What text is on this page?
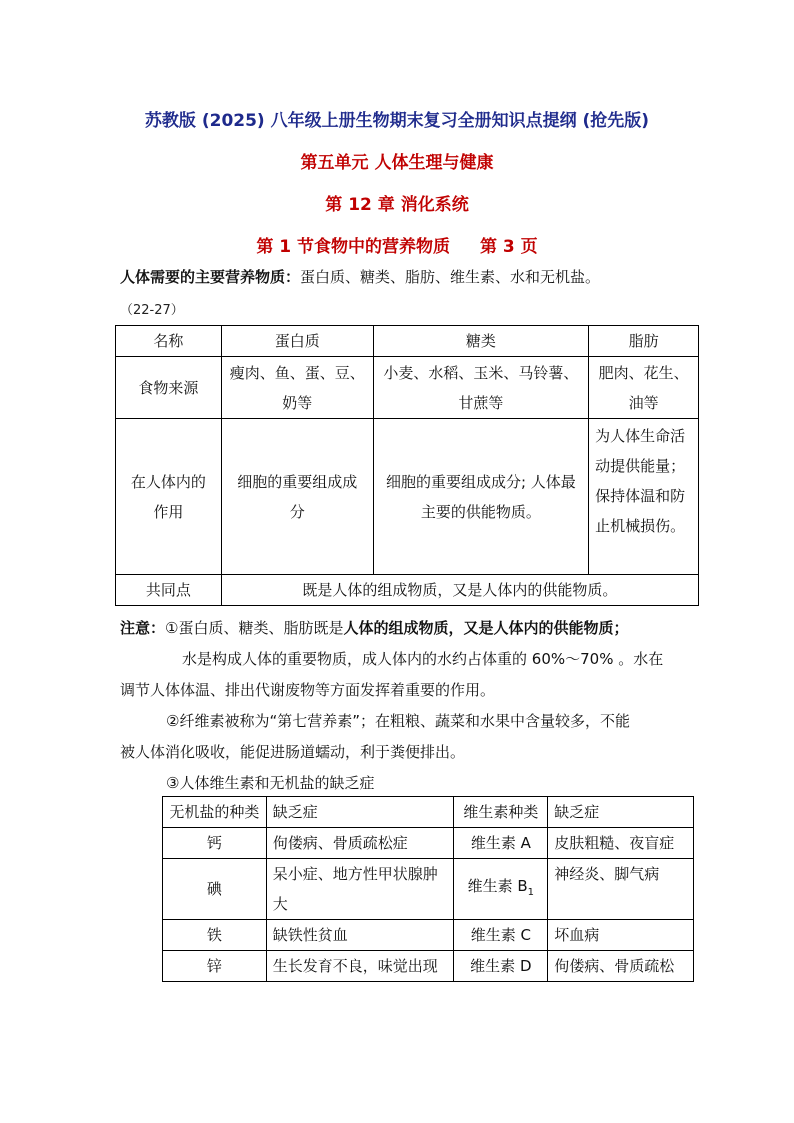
苏教版 (2025) 八年级上册生物期末复习全册知识点提纲 (抢先版)
第五单元 人体生理与健康
第 12 章 消化系统
第 1 节食物中的营养物质 第 3 页
人体需要的主要营养物质：蛋白质、糖类、脂肪、维生素、水和无机盐。
（22-27）
名称	蛋白质	糖类	脂肪
食物来源	瘦肉、鱼、蛋、豆、奶等	小麦、水稻、玉米、马铃薯、甘蔗等	肥肉、花生、油等
在人体内的作用	细胞的重要组成成分	细胞的重要组成成分; 人体最主要的供能物质。	为人体生命活动提供能量；保持体温和防止机械损伤。
共同点	既是人体的组成物质，又是人体内的供能物质。		

注意：①蛋白质、糖类、脂肪既是人体的组成物质，又是人体内的供能物质；

水是构成人体的重要物质，成人体内的水约占体重的 60%～70% 。水在

调节人体体温、排出代谢废物等方面发挥着重要的作用。

②纤维素被称为“第七营养素”；在粗粮、蔬菜和水果中含量较多，不能

被人体消化吸收，能促进肠道蠕动，利于粪便排出。

③人体维生素和无机盐的缺乏症

无机盐的种类	缺乏症	维生素种类	缺乏症
钙	佝偻病、骨质疏松症	维生素 A	皮肤粗糙、夜盲症
碘	呆小症、地方性甲状腺肿大	维生素 $B_1$	神经炎、脚气病
铁	缺铁性贫血	维生素 C	坏血病
锌	生长发育不良，味觉出现	维生素 D	佝偻病、骨质疏松
